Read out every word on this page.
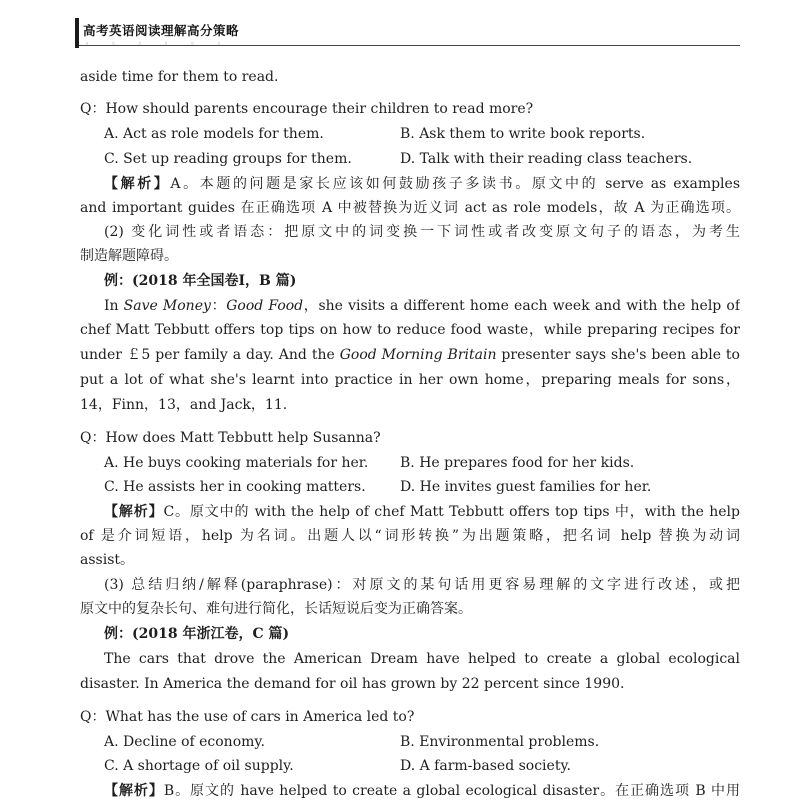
高考英语阅读理解高分策略
◦ ◦ ◦ ◦ ◦ ◦
aside time for them to read.
Q：How should parents encourage their children to read more?
A. Act as role models for them.	B. Ask them to write book reports.
C. Set up reading groups for them.	D. Talk with their reading class teachers.
【解析】A。本题的问题是家长应该如何鼓励孩子多读书。原文中的 serve as examples
and important guides 在正确选项 A 中被替换为近义词 act as role models，故 A 为正确选项。
(2) 变化词性或者语态：把原文中的词变换一下词性或者改变原文句子的语态，为考生
制造解题障碍。
例：(2018 年全国卷Ⅰ，B 篇)
In Save Money：Good Food，she visits a different home each week and with the help of
chef Matt Tebbutt offers top tips on how to reduce food waste，while preparing recipes for
under ￡5 per family a day. And the Good Morning Britain presenter says she's been able to
put a lot of what she's learnt into practice in her own home，preparing meals for sons，
14，Finn，13，and Jack，11.
Q：How does Matt Tebbutt help Susanna?
A. He buys cooking materials for her. B. He prepares food for her kids.
C. He assists her in cooking matters. D. He invites guest families for her.
【解析】C。原文中的 with the help of chef Matt Tebbutt offers top tips 中，with the help
of 是介词短语，help 为名词。出题人以“词形转换”为出题策略，把名词 help 替换为动词
assist。
(3) 总结归纳/解释(paraphrase)：对原文的某句话用更容易理解的文字进行改述，或把
原文中的复杂长句、难句进行简化，长话短说后变为正确答案。
例：(2018 年浙江卷，C 篇)
The cars that drove the American Dream have helped to create a global ecological
disaster. In America the demand for oil has grown by 22 percent since 1990.
Q：What has the use of cars in America led to?
A. Decline of economy.	B. Environmental problems.
C. A shortage of oil supply.	D. A farm-based society.
【解析】B。原文的 have helped to create a global ecological disaster。在正确选项 B 中用
